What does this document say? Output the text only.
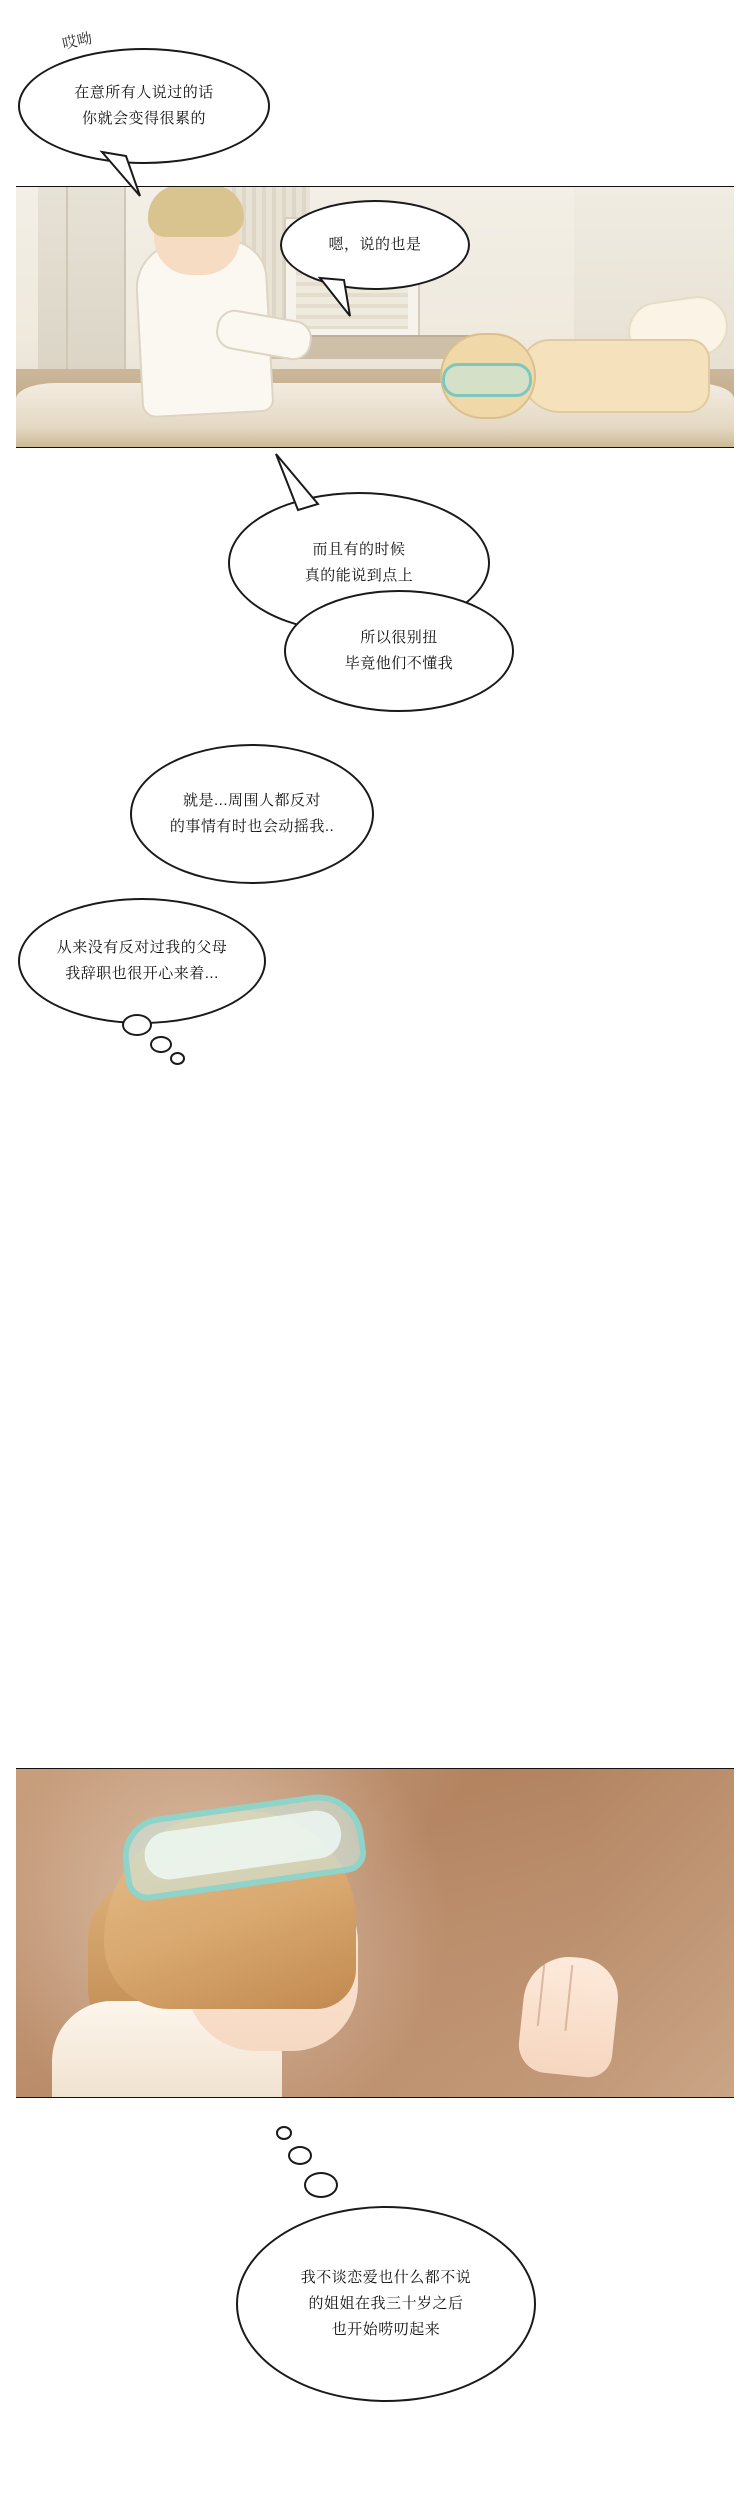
哎呦
在意所有人说过的话
你就会变得很累的
嗯，说的也是
而且有的时候
真的能说到点上
所以很别扭
毕竟他们不懂我
就是...周围人都反对
的事情有时也会动摇我..
从来没有反对过我的父母
我辞职也很开心来着...
我不谈恋爱也什么都不说
的姐姐在我三十岁之后
也开始唠叨起来
